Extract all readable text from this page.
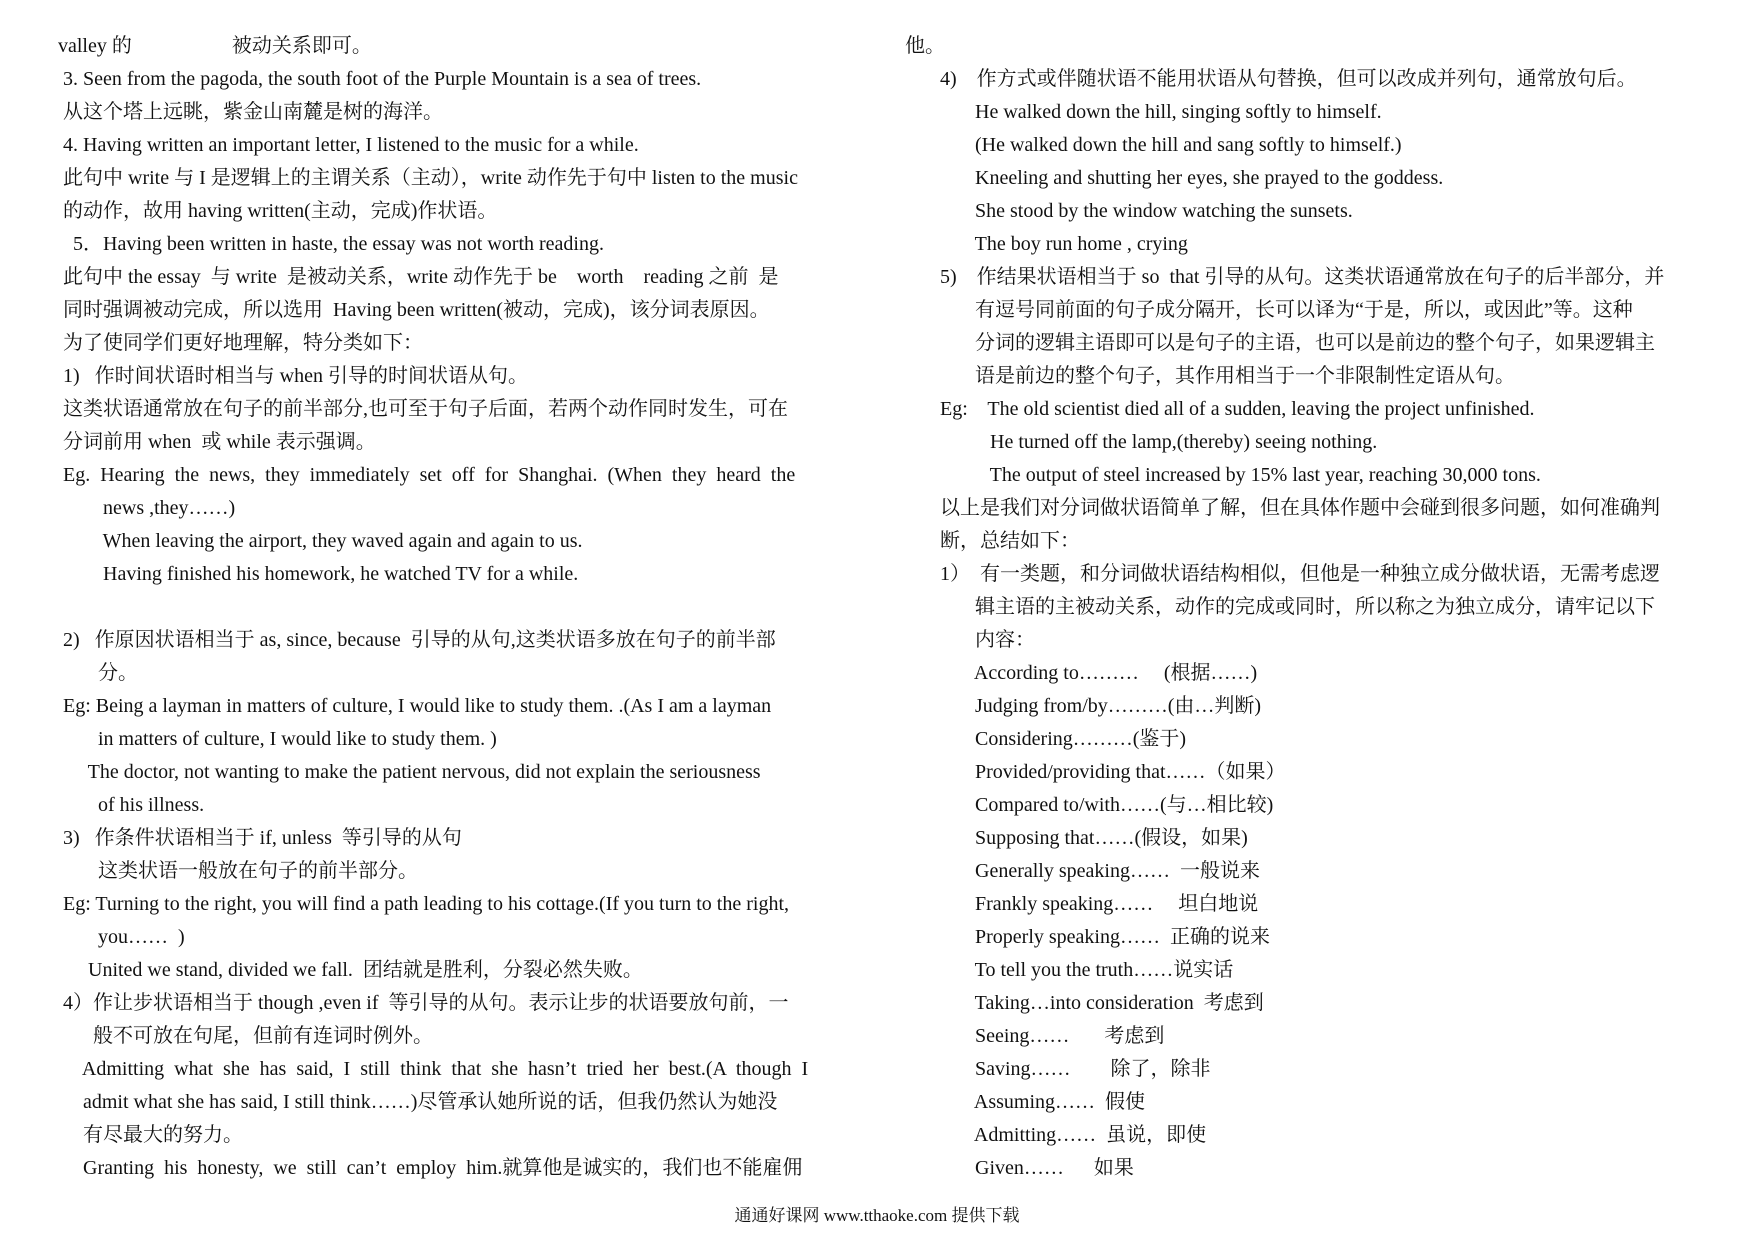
valley 的                    被动关系即可。
3. Seen from the pagoda, the south foot of the Purple Mountain is a sea of trees.
从这个塔上远眺，紫金山南麓是树的海洋。
4. Having written an important letter, I listened to the music for a while.
此句中 write 与 I 是逻辑上的主谓关系（主动），write 动作先于句中 listen to the music
的动作，故用 having written(主动，完成)作状语。
5．Having been written in haste, the essay was not worth reading.
此句中 the essay  与 write  是被动关系，write 动作先于 be    worth    reading 之前  是
同时强调被动完成，所以选用  Having been written(被动，完成)，该分词表原因。
为了使同学们更好地理解，特分类如下：
1)   作时间状语时相当与 when 引导的时间状语从句。
这类状语通常放在句子的前半部分,也可至于句子后面，若两个动作同时发生，可在
分词前用 when  或 while 表示强调。
Eg.  Hearing  the  news,  they  immediately  set  off  for  Shanghai.  (When  they  heard  the
news ,they……)
When leaving the airport, they waved again and again to us.
Having finished his homework, he watched TV for a while.
2)   作原因状语相当于 as, since, because  引导的从句,这类状语多放在句子的前半部
分。
Eg: Being a layman in matters of culture, I would like to study them. .(As I am a layman
in matters of culture, I would like to study them. )
The doctor, not wanting to make the patient nervous, did not explain the seriousness
of his illness.
3)   作条件状语相当于 if, unless  等引导的从句
这类状语一般放在句子的前半部分。
Eg: Turning to the right, you will find a path leading to his cottage.(If you turn to the right,
you……  )
United we stand, divided we fall.  团结就是胜利，分裂必然失败。
4）作让步状语相当于 though ,even if  等引导的从句。表示让步的状语要放句前，一
般不可放在句尾，但前有连词时例外。
Admitting  what  she  has  said,  I  still  think  that  she  hasn’t  tried  her  best.(A  though  I
admit what she has said, I still think……)尽管承认她所说的话，但我仍然认为她没
有尽最大的努力。
Granting  his  honesty,  we  still  can’t  employ  him.就算他是诚实的，我们也不能雇佣
他。
4)    作方式或伴随状语不能用状语从句替换，但可以改成并列句，通常放句后。
He walked down the hill, singing softly to himself.
(He walked down the hill and sang softly to himself.)
Kneeling and shutting her eyes, she prayed to the goddess.
She stood by the window watching the sunsets.
The boy run home , crying
5)    作结果状语相当于 so  that 引导的从句。这类状语通常放在句子的后半部分，并
有逗号同前面的句子成分隔开，长可以译为“于是，所以，或因此”等。这种
分词的逻辑主语即可以是句子的主语，也可以是前边的整个句子，如果逻辑主
语是前边的整个句子，其作用相当于一个非限制性定语从句。
Eg:    The old scientist died all of a sudden, leaving the project unfinished.
He turned off the lamp,(thereby) seeing nothing.
The output of steel increased by 15% last year, reaching 30,000 tons.
以上是我们对分词做状语简单了解，但在具体作题中会碰到很多问题，如何准确判
断，总结如下：
1）  有一类题，和分词做状语结构相似，但他是一种独立成分做状语，无需考虑逻
辑主语的主被动关系，动作的完成或同时，所以称之为独立成分，请牢记以下
内容：
According to………     (根据……)
Judging from/by………(由…判断)
Considering………(鉴于)
Provided/providing that……（如果）
Compared to/with……(与…相比较)
Supposing that……(假设，如果)
Generally speaking……  一般说来
Frankly speaking……     坦白地说
Properly speaking……  正确的说来
To tell you the truth……说实话
Taking…into consideration  考虑到
Seeing……       考虑到
Saving……        除了，除非
Assuming……  假使
Admitting……  虽说，即使
Given……      如果
通通好课网 www.tthaoke.com 提供下载
